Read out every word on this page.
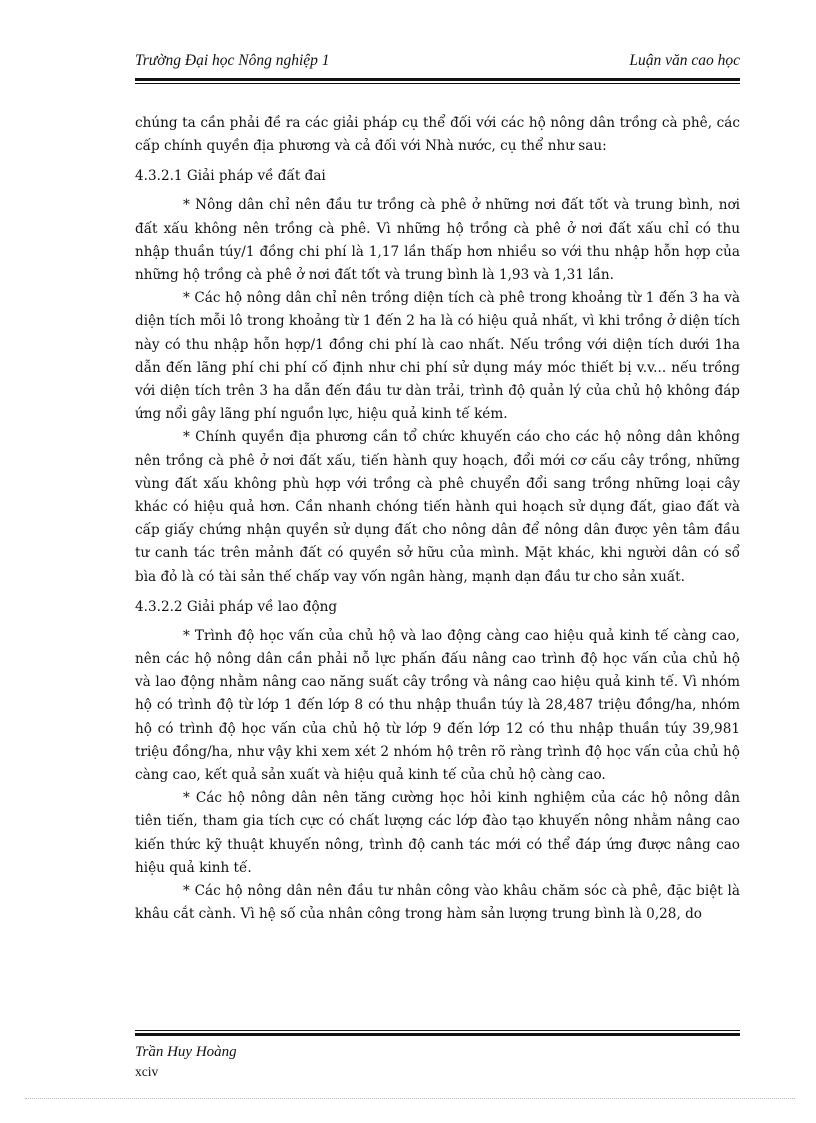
Trường Đại học Nông nghiệp 1	Luận văn cao học

chúng ta cần phải đề ra các giải pháp cụ thể đối với các hộ nông dân trồng cà phê, các cấp chính quyền địa phương và cả đối với Nhà nước, cụ thể như sau:

4.3.2.1 Giải pháp về đất đai

* Nông dân chỉ nên đầu tư trồng cà phê ở những nơi đất tốt và trung bình, nơi đất xấu không nên trồng cà phê. Vì những hộ trồng cà phê ở nơi đất xấu chỉ có thu nhập thuần túy/1 đồng chi phí là 1,17 lần thấp hơn nhiều so với thu nhập hỗn hợp của những hộ trồng cà phê ở nơi đất tốt và trung bình là 1,93 và 1,31 lần.

* Các hộ nông dân chỉ nên trồng diện tích cà phê trong khoảng từ 1 đến 3 ha và diện tích mỗi lô trong khoảng từ 1 đến 2 ha là có hiệu quả nhất, vì khi trồng ở diện tích này có thu nhập hỗn hợp/1 đồng chi phí là cao nhất. Nếu trồng với diện tích dưới 1ha dẫn đến lãng phí chi phí cố định như chi phí sử dụng máy móc thiết bị v.v... nếu trồng với diện tích trên 3 ha dẫn đến đầu tư dàn trải, trình độ quản lý của chủ hộ không đáp ứng nổi gây lãng phí nguồn lực, hiệu quả kinh tế kém.

* Chính quyền địa phương cần tổ chức khuyến cáo cho các hộ nông dân không nên trồng cà phê ở nơi đất xấu, tiến hành quy hoạch, đổi mới cơ cấu cây trồng, những vùng đất xấu không phù hợp với trồng cà phê chuyển đổi sang trồng những loại cây khác có hiệu quả hơn. Cần nhanh chóng tiến hành qui hoạch sử dụng đất, giao đất và cấp giấy chứng nhận quyền sử dụng đất cho nông dân để nông dân được yên tâm đầu tư canh tác trên mảnh đất có quyền sở hữu của mình. Mặt khác, khi người dân có sổ bìa đỏ là có tài sản thế chấp vay vốn ngân hàng, mạnh dạn đầu tư cho sản xuất.

4.3.2.2 Giải pháp về lao động

* Trình độ học vấn của chủ hộ và lao động càng cao hiệu quả kinh tế càng cao, nên các hộ nông dân cần phải nỗ lực phấn đấu nâng cao trình độ học vấn của chủ hộ và lao động nhằm nâng cao năng suất cây trồng và nâng cao hiệu quả kinh tế. Vì nhóm hộ có trình độ từ lớp 1 đến lớp 8 có thu nhập thuần túy là 28,487 triệu đồng/ha, nhóm hộ có trình độ học vấn của chủ hộ từ lớp 9 đến lớp 12 có thu nhập thuần túy 39,981 triệu đồng/ha, như vậy khi xem xét 2 nhóm hộ trên rõ ràng trình độ học vấn của chủ hộ càng cao, kết quả sản xuất và hiệu quả kinh tế của chủ hộ càng cao.

* Các hộ nông dân nên tăng cường học hỏi kinh nghiệm của các hộ nông dân tiên tiến, tham gia tích cực có chất lượng các lớp đào tạo khuyến nông nhằm nâng cao kiến thức kỹ thuật khuyến nông, trình độ canh tác mới có thể đáp ứng được nâng cao hiệu quả kinh tế.

* Các hộ nông dân nên đầu tư nhân công vào khâu chăm sóc cà phê, đặc biệt là khâu cắt cành. Vì hệ số của nhân công trong hàm sản lượng trung bình là 0,28, do

Trần Huy Hoàng
xciv
